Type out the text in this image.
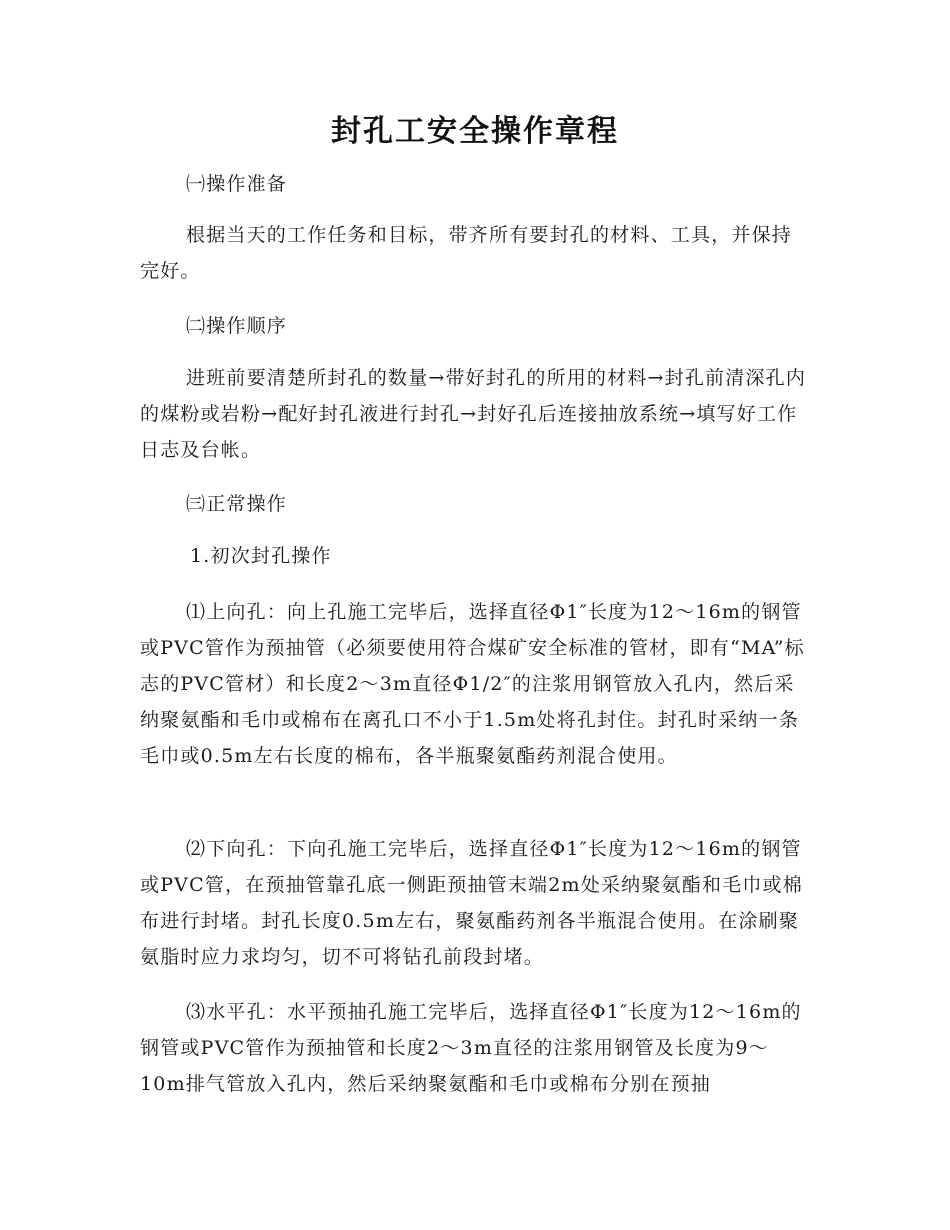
封孔工安全操作章程

㈠操作准备

根据当天的工作任务和目标，带齐所有要封孔的材料、工具，并保持完好。

㈡操作顺序

进班前要清楚所封孔的数量→带好封孔的所用的材料→封孔前清深孔内的煤粉或岩粉→配好封孔液进行封孔→封好孔后连接抽放系统→填写好工作日志及台帐。

㈢正常操作

1.初次封孔操作

⑴上向孔：向上孔施工完毕后，选择直径Φ1″长度为12～16m的钢管或PVC管作为预抽管（必须要使用符合煤矿安全标准的管材，即有“MA”标志的PVC管材）和长度2～3m直径Φ1/2″的注浆用钢管放入孔内，然后采纳聚氨酯和毛巾或棉布在离孔口不小于1.5m处将孔封住。封孔时采纳一条毛巾或0.5m左右长度的棉布，各半瓶聚氨酯药剂混合使用。

⑵下向孔：下向孔施工完毕后，选择直径Φ1″长度为12～16m的钢管或PVC管，在预抽管靠孔底一侧距预抽管末端2m处采纳聚氨酯和毛巾或棉布进行封堵。封孔长度0.5m左右，聚氨酯药剂各半瓶混合使用。在涂刷聚氨脂时应力求均匀，切不可将钻孔前段封堵。

⑶水平孔：水平预抽孔施工完毕后，选择直径Φ1″长度为12～16m的钢管或PVC管作为预抽管和长度2～3m直径的注浆用钢管及长度为9～10m排气管放入孔内，然后采纳聚氨酯和毛巾或棉布分别在预抽
